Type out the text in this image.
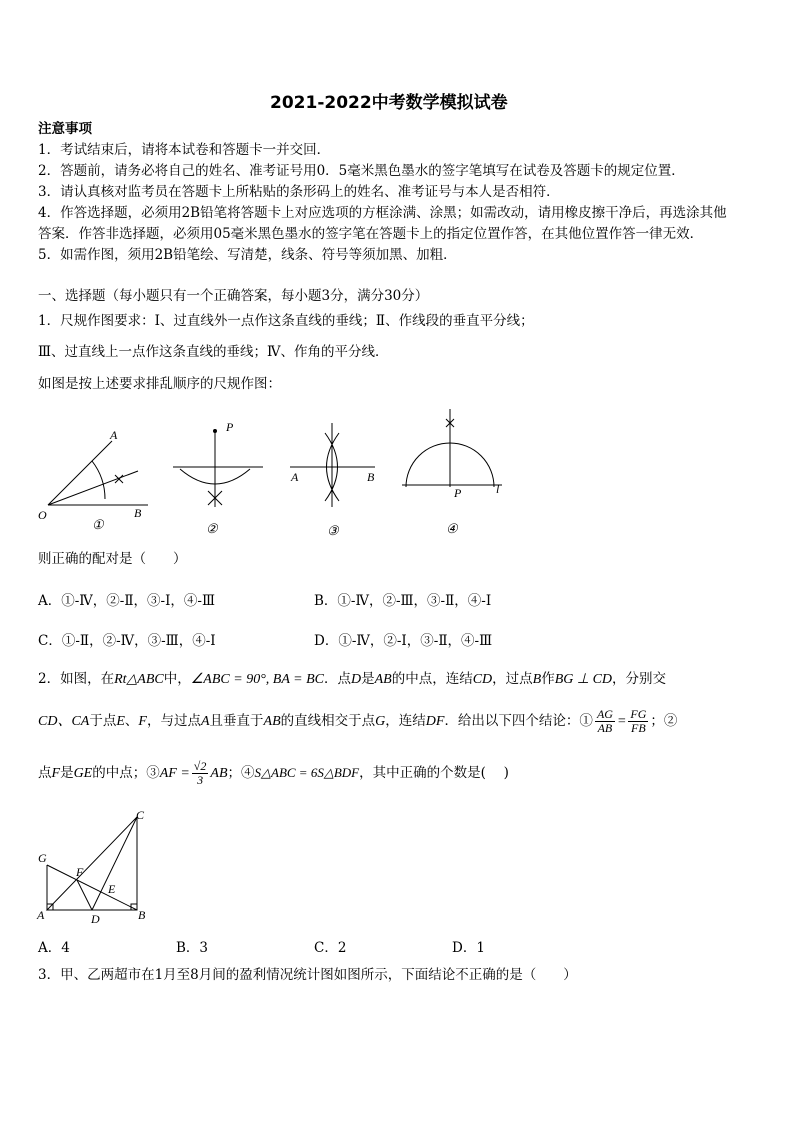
2021-2022中考数学模拟试卷
注意事项
1．考试结束后，请将本试卷和答题卡一并交回．
2．答题前，请务必将自己的姓名、准考证号用0．5毫米黑色墨水的签字笔填写在试卷及答题卡的规定位置．
3．请认真核对监考员在答题卡上所粘贴的条形码上的姓名、准考证号与本人是否相符．
4．作答选择题，必须用2B铅笔将答题卡上对应选项的方框涂满、涂黑；如需改动，请用橡皮擦干净后，再选涂其他
答案．作答非选择题，必须用05毫米黑色墨水的签字笔在答题卡上的指定位置作答，在其他位置作答一律无效．
5．如需作图，须用2B铅笔绘、写清楚，线条、符号等须加黑、加粗．
一、选择题（每小题只有一个正确答案，每小题3分，满分30分）
1．尺规作图要求：Ⅰ、过直线外一点作这条直线的垂线；Ⅱ、作线段的垂直平分线；
Ⅲ、过直线上一点作这条直线的垂线；Ⅳ、作角的平分线．
如图是按上述要求排乱顺序的尺规作图：
A
O	B
①
P
②
A	B
③
P	l
④
则正确的配对是（　　）
A．①-Ⅳ，②-Ⅱ，③-Ⅰ，④-Ⅲ	B．①-Ⅳ，②-Ⅲ，③-Ⅱ，④-Ⅰ
C．①-Ⅱ，②-Ⅳ，③-Ⅲ，④-Ⅰ	D．①-Ⅳ，②-Ⅰ，③-Ⅱ，④-Ⅲ
2．如图，在Rt△ABC中，∠ABC = 90°, BA = BC．点D是AB的中点，连结CD，过点B作BG ⊥ CD，分别交
CD、CA于点E、F，与过点A且垂直于AB的直线相交于点G，连结DF．给出以下四个结论：① $\frac{AG}{AB} = \frac{FG}{FB}$ ；②
点F是GE的中点；③AF = $\frac{√2}{3}$ AB；④S△ABC = 6S△BDF，其中正确的个数是(　 )
C
G
F
E
A	D	B
A．4	B．3	C．2	D．1
3．甲、乙两超市在1月至8月间的盈利情况统计图如图所示，下面结论不正确的是（　　）
